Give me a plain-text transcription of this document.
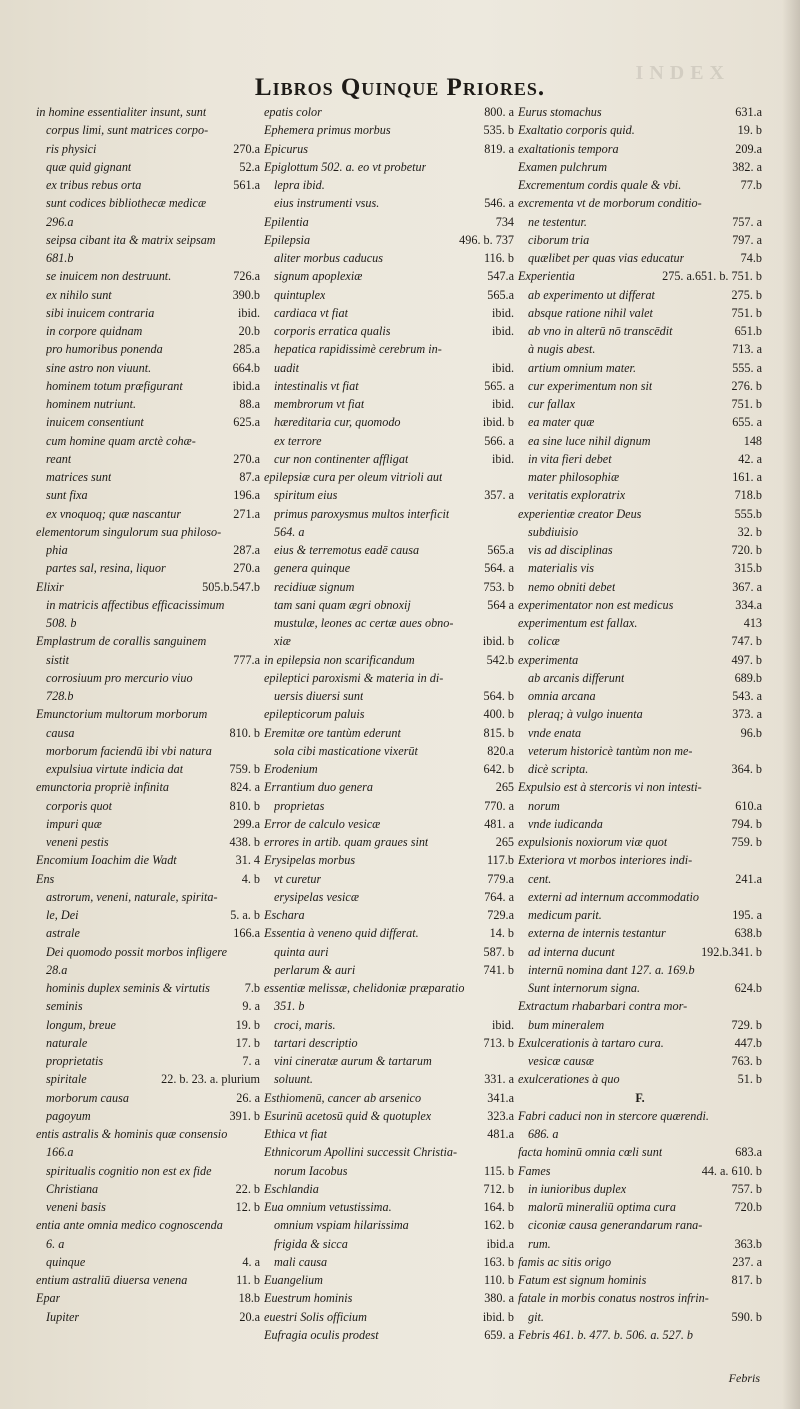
INDEX
Libros Quinque Priores.
in homine essentialiter insunt, sunt
corpus limi, sunt matrices corpo-
ris physici	270.a
quæ quid gignant	52.a
ex tribus rebus orta	561.a
sunt codices bibliothecæ medicæ
296.a
seipsa cibant ita & matrix seipsam
681.b
se inuicem non destruunt.	726.a
ex nihilo sunt	390.b
sibi inuicem contraria	ibid.
in corpore quidnam	20.b
pro humoribus ponenda	285.a
sine astro non viuunt.	664.b
hominem totum præfigurant	ibid.a
hominem nutriunt.	88.a
inuicem consentiunt	625.a
cum homine quam arctè cohæ-
reant	270.a
matrices sunt	87.a
sunt fixa	196.a
ex vnoquoq; quæ nascantur	271.a
elementorum singulorum sua philoso-
phia	287.a
partes sal, resina, liquor	270.a
Elixir	505.b.547.b
in matricis affectibus efficacissimum
508. b
Emplastrum de corallis sanguinem
sistit	777.a
corrosiuum pro mercurio viuo
728.b
Emunctorium multorum morborum
causa	810. b
morborum faciendū ibi vbi natura
expulsiua virtute indicia dat	759. b
emunctoria propriè infinita	824. a
corporis quot	810. b
impuri quæ	299.a
veneni pestis	438. b
Encomium Ioachim die Wadt	31. 4
Ens	4. b
astrorum, veneni, naturale, spirita-
le, Dei	5. a. b
astrale	166.a
Dei quomodo possit morbos infligere
28.a
hominis duplex seminis & virtutis	7.b
seminis	9. a
longum, breue	19. b
naturale	17. b
proprietatis	7. a
spiritale	22. b. 23. a. plurium
morborum causa	26. a
pagoyum	391. b
entis astralis & hominis quæ consensio
166.a
spiritualis cognitio non est ex fide
Christiana	22. b
veneni basis	12. b
entia ante omnia medico cognoscenda
6. a
quinque	4. a
entium astraliū diuersa venena	11. b
Epar	18.b
Iupiter	20.a
epatis color	800. a
Ephemera primus morbus	535. b
Epicurus	819. a
Epiglottum 502. a. eo vt probetur
lepra ibid.
eius instrumenti vsus.	546. a
Epilentia	734
Epilepsia	496. b. 737
aliter morbus caducus	116. b
signum apoplexiæ	547.a
quintuplex	565.a
cardiaca vt fiat	ibid.
corporis erratica qualis	ibid.
hepatica rapidissimè cerebrum in-
uadit	ibid.
intestinalis vt fiat	565. a
membrorum vt fiat	ibid.
hæreditaria cur, quomodo	ibid. b
ex terrore	566. a
cur non continenter affligat	ibid.
epilepsiæ cura per oleum vitrioli aut
spiritum eius	357. a
primus paroxysmus multos interficit
564. a
eius & terremotus eadē causa	565.a
genera quinque	564. a
recidiuæ signum	753. b
tam sani quam ægri obnoxij	564 a
mustulæ, leones ac certæ aues obno-
xiæ	ibid. b
in epilepsia non scarificandum	542.b
epileptici paroxismi & materia in di-
uersis diuersi sunt	564. b
epilepticorum paluis	400. b
Eremitæ ore tantùm ederunt	815. b
sola cibi masticatione vixerūt	820.a
Erodenium	642. b
Errantium duo genera	265
proprietas	770. a
Error de calculo vesicæ	481. a
errores in artib. quam graues sint	265
Erysipelas morbus	117.b
vt curetur	779.a
erysipelas vesicæ	764. a
Eschara	729.a
Essentia à veneno quid differat.	14. b
quinta auri	587. b
perlarum & auri	741. b
essentiæ melissæ, chelidoniæ præparatio
351. b
croci, maris.	ibid.
tartari descriptio	713. b
vini cineratæ aurum & tartarum
soluunt.	331. a
Esthiomenū, cancer ab arsenico	341.a
Esurinū acetosū quid & quotuplex	323.a
Ethica vt fiat	481.a
Ethnicorum Apollini successit Christia-
norum Iacobus	115. b
Eschlandia	712. b
Eua omnium vetustissima.	164. b
omnium vspiam hilarissima	162. b
frigida & sicca	ibid.a
mali causa	163. b
Euangelium	110. b
Euestrum hominis	380. a
euestri Solis officium	ibid. b
Eufragia oculis prodest	659. a
Eurus stomachus	631.a
Exaltatio corporis quid.	19. b
exaltationis tempora	209.a
Examen pulchrum	382. a
Excrementum cordis quale & vbi.	77.b
excrementa vt de morborum conditio-
ne testentur.	757. a
ciborum tria	797. a
quælibet per quas vias educatur	74.b
Experientia	275. a.651. b. 751. b
ab experimento ut differat	275. b
absque ratione nihil valet	751. b
ab vno in alterū nō transcēdit	651.b
à nugis abest.	713. a
artium omnium mater.	555. a
cur experimentum non sit	276. b
cur fallax	751. b
ea mater quæ	655. a
ea sine luce nihil dignum	148
in vita fieri debet	42. a
mater philosophiæ	161. a
veritatis exploratrix	718.b
experientiæ creator Deus	555.b
subdiuisio	32. b
vis ad disciplinas	720. b
materialis vis	315.b
nemo obniti debet	367. a
experimentator non est medicus	334.a
experimentum est fallax.	413
colicæ	747. b
experimenta	497. b
ab arcanis differunt	689.b
omnia arcana	543. a
pleraq; à vulgo inuenta	373. a
vnde enata	96.b
veterum historicè tantùm non me-
dicè scripta.	364. b
Expulsio est à stercoris vi non intesti-
norum	610.a
vnde iudicanda	794. b
expulsionis noxiorum viæ quot	759. b
Exteriora vt morbos interiores indi-
cent.	241.a
externi ad internum accommodatio
medicum parit.	195. a
externa de internis testantur	638.b
ad interna ducunt	192.b.341. b
internū nomina dant 127. a. 169.b
Sunt internorum signa.	624.b
Extractum rhabarbari contra mor-
bum mineralem	729. b
Exulcerationis à tartaro cura.	447.b
vesicæ causæ	763. b
exulcerationes à quo	51. b
F.
Fabri caduci non in stercore quærendi.
686. a
facta hominū omnia cœli sunt	683.a
Fames	44. a. 610. b
in iunioribus duplex	757. b
malorū mineraliū optima cura	720.b
ciconiæ causa generandarum rana-
rum.	363.b
famis ac sitis origo	237. a
Fatum est signum hominis	817. b
fatale in morbis conatus nostros infrin-
git.	590. b
Febris 461. b. 477. b. 506. a. 527. b
Febris
